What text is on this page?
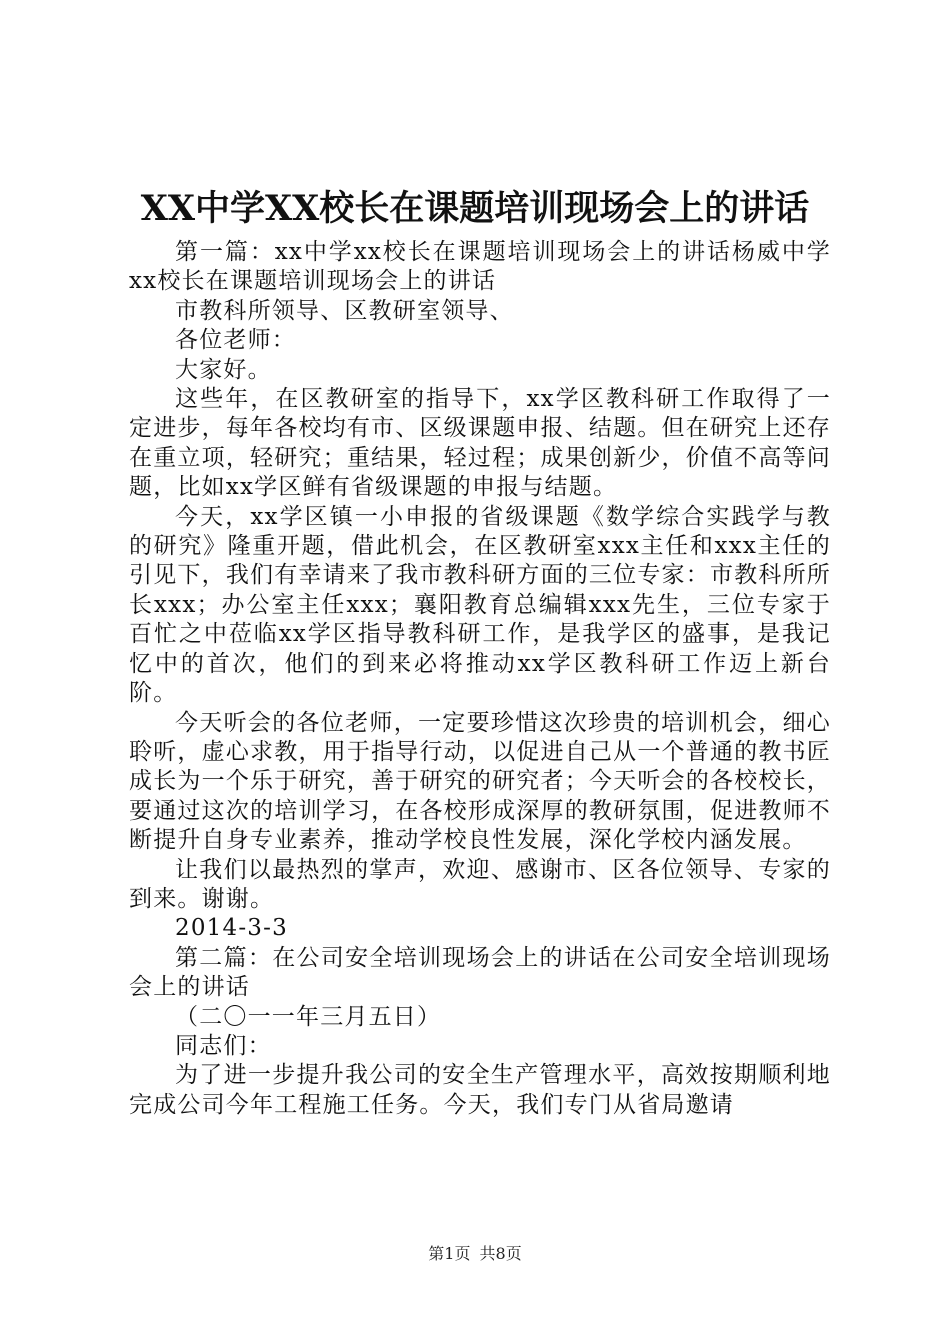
XX中学XX校长在课题培训现场会上的讲话

第一篇：xx中学xx校长在课题培训现场会上的讲话杨威中学xx校长在课题培训现场会上的讲话

市教科所领导、区教研室领导、

各位老师：

大家好。

这些年，在区教研室的指导下，xx学区教科研工作取得了一定进步，每年各校均有市、区级课题申报、结题。但在研究上还存在重立项，轻研究；重结果，轻过程；成果创新少，价值不高等问题，比如xx学区鲜有省级课题的申报与结题。

今天，xx学区镇一小申报的省级课题《数学综合实践学与教的研究》隆重开题，借此机会，在区教研室xxx主任和xxx主任的引见下，我们有幸请来了我市教科研方面的三位专家：市教科所所长xxx；办公室主任xxx；襄阳教育总编辑xxx先生，三位专家于百忙之中莅临xx学区指导教科研工作，是我学区的盛事，是我记忆中的首次，他们的到来必将推动xx学区教科研工作迈上新台阶。

今天听会的各位老师，一定要珍惜这次珍贵的培训机会，细心聆听，虚心求教，用于指导行动，以促进自己从一个普通的教书匠成长为一个乐于研究，善于研究的研究者；今天听会的各校校长，要通过这次的培训学习，在各校形成深厚的教研氛围，促进教师不断提升自身专业素养，推动学校良性发展，深化学校内涵发展。

让我们以最热烈的掌声，欢迎、感谢市、区各位领导、专家的到来。谢谢。

2014-3-3

第二篇：在公司安全培训现场会上的讲话在公司安全培训现场会上的讲话

（二〇一一年三月五日）

同志们：

为了进一步提升我公司的安全生产管理水平，高效按期顺利地完成公司今年工程施工任务。今天，我们专门从省局邀请

第1页 共8页
